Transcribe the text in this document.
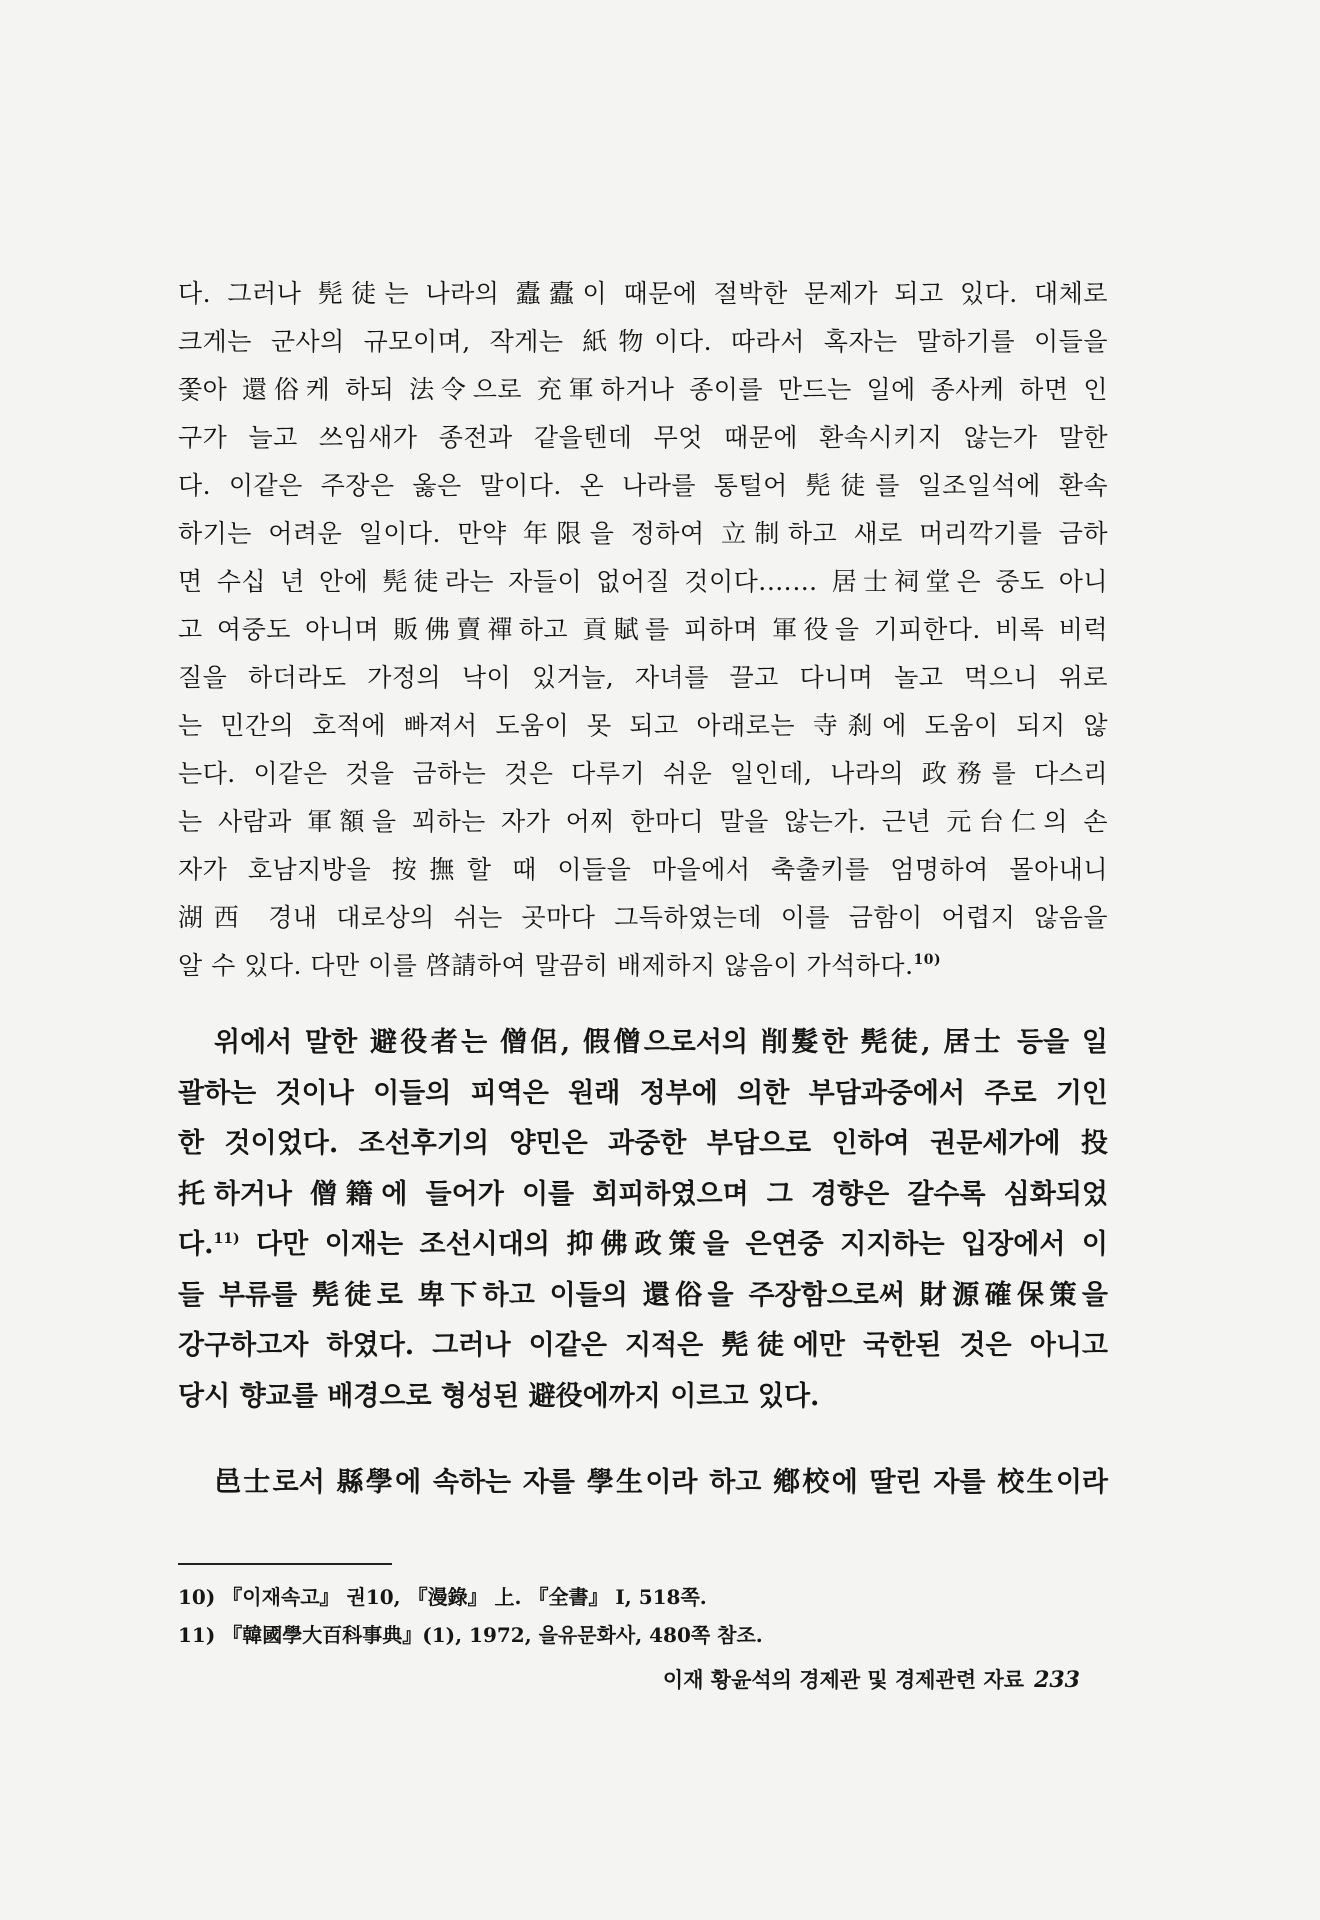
다. 그러나 髡徒는 나라의 蠹蠹이 때문에 절박한 문제가 되고 있다. 대체로
크게는 군사의 규모이며, 작게는 紙物이다. 따라서 혹자는 말하기를 이들을
쫓아 還俗케 하되 法令으로 充軍하거나 종이를 만드는 일에 종사케 하면 인
구가 늘고 쓰임새가 종전과 같을텐데 무엇 때문에 환속시키지 않는가 말한
다. 이같은 주장은 옳은 말이다. 온 나라를 통털어 髡徒를 일조일석에 환속
하기는 어려운 일이다. 만약 年限을 정하여 立制하고 새로 머리깍기를 금하
면 수십 년 안에 髡徒라는 자들이 없어질 것이다.…… 居士祠堂은 중도 아니
고 여중도 아니며 販佛賣禪하고 貢賦를 피하며 軍役을 기피한다. 비록 비럭
질을 하더라도 가정의 낙이 있거늘, 자녀를 끌고 다니며 놀고 먹으니 위로
는 민간의 호적에 빠져서 도움이 못 되고 아래로는 寺刹에 도움이 되지 않
는다. 이같은 것을 금하는 것은 다루기 쉬운 일인데, 나라의 政務를 다스리
는 사람과 軍額을 꾀하는 자가 어찌 한마디 말을 않는가. 근년 元台仁의 손
자가 호남지방을 按撫할 때 이들을 마을에서 축출키를 엄명하여 몰아내니
湖西 경내 대로상의 쉬는 곳마다 그득하였는데 이를 금함이 어렵지 않음을
알 수 있다. 다만 이를 啓請하여 말끔히 배제하지 않음이 가석하다.$^{10)}$
위에서 말한 避役者는 僧侶, 假僧으로서의 削髮한 髡徒, 居士 등을 일
괄하는 것이나 이들의 피역은 원래 정부에 의한 부담과중에서 주로 기인
한 것이었다. 조선후기의 양민은 과중한 부담으로 인하여 권문세가에 投
托하거나 僧籍에 들어가 이를 회피하였으며 그 경향은 갈수록 심화되었
다.$^{11)}$ 다만 이재는 조선시대의 抑佛政策을 은연중 지지하는 입장에서 이
들 부류를 髡徒로 卑下하고 이들의 還俗을 주장함으로써 財源確保策을
강구하고자 하였다. 그러나 이같은 지적은 髡徒에만 국한된 것은 아니고
당시 향교를 배경으로 형성된 避役에까지 이르고 있다.
邑士로서 縣學에 속하는 자를 學生이라 하고 鄕校에 딸린 자를 校生이라
10) 『이재속고』 권10, 『漫錄』 上. 『全書』 I, 518쪽.
11) 『韓國學大百科事典』(1), 1972, 을유문화사, 480쪽 참조.
이재 황윤석의 경제관 및 경제관련 자료 233
